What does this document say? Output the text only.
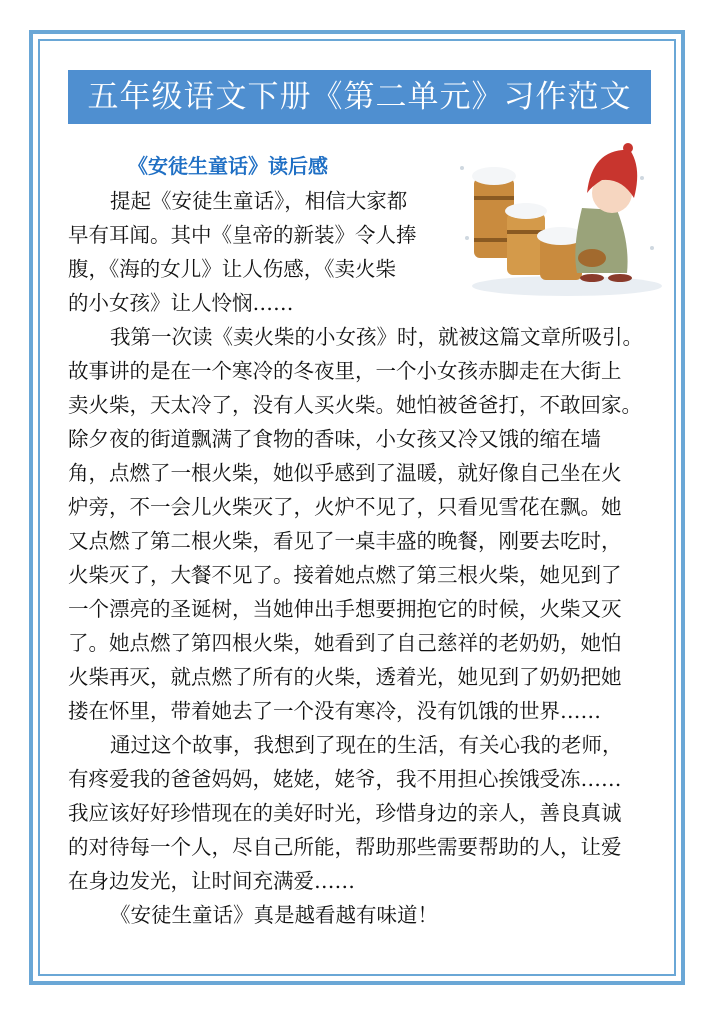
五年级语文下册《第二单元》习作范文
《安徒生童话》读后感
提起《安徒生童话》，相信大家都
早有耳闻。其中《皇帝的新装》令人捧
腹，《海的女儿》让人伤感，《卖火柴
的小女孩》让人怜悯……
我第一次读《卖火柴的小女孩》时，就被这篇文章所吸引。
故事讲的是在一个寒冷的冬夜里，一个小女孩赤脚走在大街上
卖火柴，天太冷了，没有人买火柴。她怕被爸爸打，不敢回家。
除夕夜的街道飘满了食物的香味，小女孩又冷又饿的缩在墙
角，点燃了一根火柴，她似乎感到了温暖，就好像自己坐在火
炉旁，不一会儿火柴灭了，火炉不见了，只看见雪花在飘。她
又点燃了第二根火柴，看见了一桌丰盛的晚餐，刚要去吃时，
火柴灭了，大餐不见了。接着她点燃了第三根火柴，她见到了
一个漂亮的圣诞树，当她伸出手想要拥抱它的时候，火柴又灭
了。她点燃了第四根火柴，她看到了自己慈祥的老奶奶，她怕
火柴再灭，就点燃了所有的火柴，透着光，她见到了奶奶把她
搂在怀里，带着她去了一个没有寒冷，没有饥饿的世界……
通过这个故事，我想到了现在的生活，有关心我的老师，
有疼爱我的爸爸妈妈，姥姥，姥爷，我不用担心挨饿受冻……
我应该好好珍惜现在的美好时光，珍惜身边的亲人，善良真诚
的对待每一个人，尽自己所能，帮助那些需要帮助的人，让爱
在身边发光，让时间充满爱……
《安徒生童话》真是越看越有味道！
